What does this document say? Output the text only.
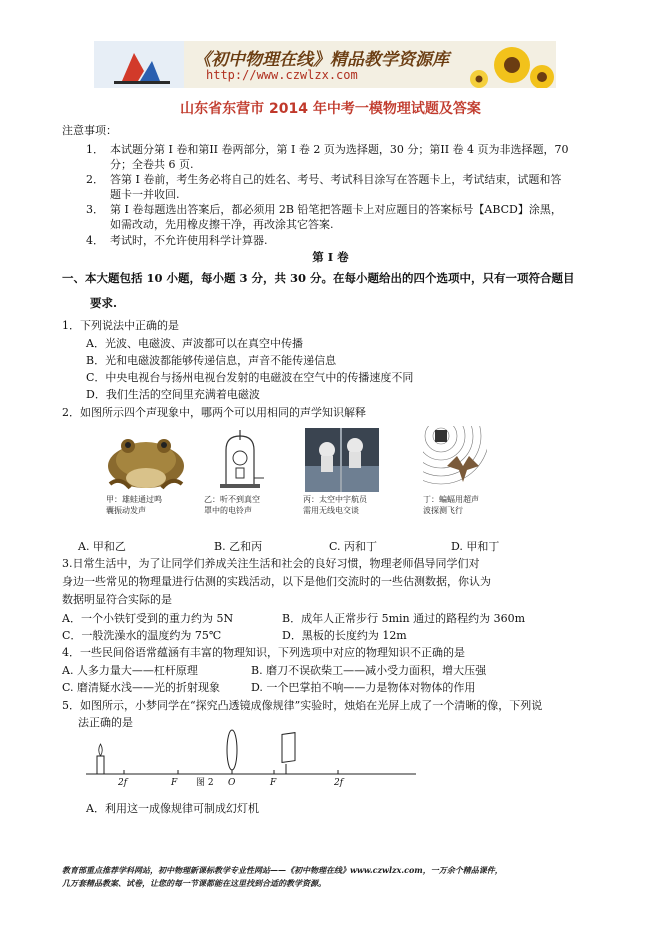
《初中物理在线》精品教学资源库
http://www.czwlzx.com
山东省东营市 2014 年中考一模物理试题及答案
注意事项：
1． 本试题分第 I 卷和第II 卷两部分，第 I 卷 2 页为选择题，30 分；第II 卷 4 页为非选择题，70
分；全卷共 6 页.
2． 答第 I 卷前，考生务必将自己的姓名、考号、考试科目涂写在答题卡上，考试结束，试题和答
题卡一并收回.
3． 第 I 卷每题选出答案后，都必须用 2B 铅笔把答题卡上对应题目的答案标号【ABCD】涂黑，
如需改动，先用橡皮擦干净，再改涂其它答案.
4． 考试时，不允许使用科学计算器.
第 I 卷
一、本大题包括 10 小题，每小题 3 分，共 30 分。在每小题给出的四个选项中，只有一项符合题目
要求.
1．下列说法中正确的是
A．光波、电磁波、声波都可以在真空中传播
B．光和电磁波都能够传递信息，声音不能传递信息
C．中央电视台与扬州电视台发射的电磁波在空气中的传播速度不同
D．我们生活的空间里充满着电磁波
2．如图所示四个声现象中，哪两个可以用相同的声学知识解释
甲：雄蛙通过鸣
囊振动发声
乙：听不到真空
罩中的电铃声
丙：太空中宇航员
需用无线电交谈
丁：蝙蝠用超声
波探测飞行
A. 甲和乙	B. 乙和丙	C. 丙和丁	D. 甲和丁
3.日常生活中，为了让同学们养成关注生活和社会的良好习惯，物理老师倡导同学们对
身边一些常见的物理量进行估测的实践活动，以下是他们交流时的一些估测数据，你认为
数据明显符合实际的是
A．一个小铁钉受到的重力约为 5N	B．成年人正常步行 5min 通过的路程约为 360m
C．一般洗澡水的温度约为 75℃	D．黑板的长度约为 12m
4．一些民间俗语常蕴涵有丰富的物理知识，下列选项中对应的物理知识不正确的是
A. 人多力量大——杠杆原理	B. 磨刀不误砍柴工——减小受力面积，增大压强
C. 磨清疑水浅——光的折射现象	D. 一个巴掌拍不响——力是物体对物体的作用
5．如图所示，小梦同学在“探究凸透镜成像规律”实验时，烛焰在光屏上成了一个清晰的像，下列说
法正确的是
2f	F	O	F	2f
图 2
A．利用这一成像规律可制成幻灯机
教育部重点推荐学科网站，初中物理新课标教学专业性网站——《初中物理在线》www.czwlzx.com，一万余个精品课件，
几万套精品教案、试卷，让您的每一节课都能在这里找到合适的教学资源。
